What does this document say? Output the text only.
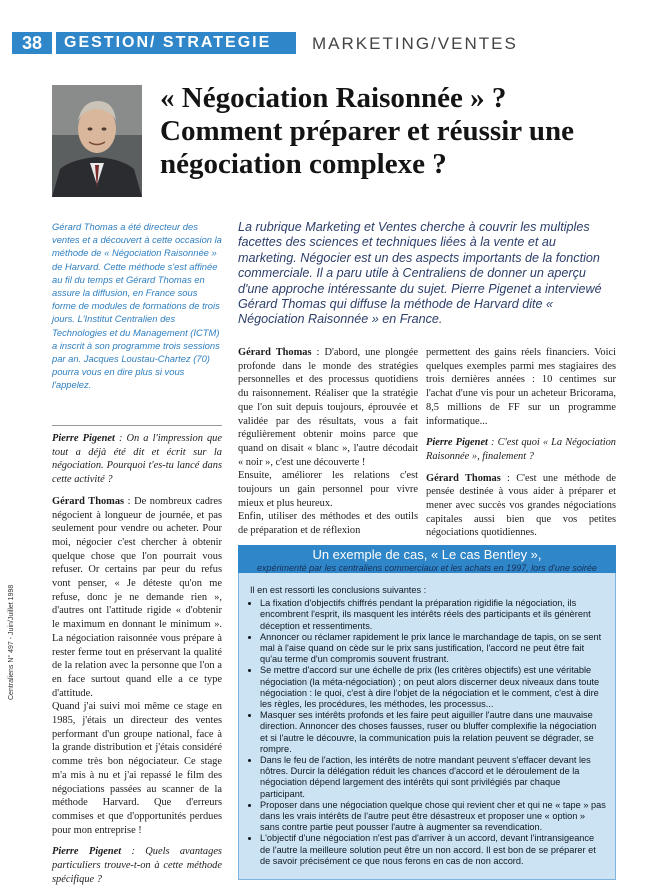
38	GESTION/ STRATEGIE	MARKETING/VENTES
« Négociation Raisonnée » ? Comment préparer et réussir une négociation complexe ?
Gérard Thomas a été directeur des ventes et a découvert à cette occasion la méthode de « Négociation Raisonnée » de Harvard. Cette méthode s'est affinée au fil du temps et Gérard Thomas en assure la diffusion, en France sous forme de modules de formations de trois jours. L'Institut Centralien des Technologies et du Management (ICTM) a inscrit à son programme trois sessions par an. Jacques Loustau-Chartez (70) pourra vous en dire plus si vous l'appelez.

Pierre Pigenet : On a l'impression que tout a déjà été dit et écrit sur la négociation. Pourquoi t'es-tu lancé dans cette activité ?

Gérard Thomas : De nombreux cadres négocient à longueur de journée, et pas seulement pour vendre ou acheter. Pour moi, négocier c'est chercher à obtenir quelque chose que l'on pourrait vous refuser. Or certains par peur du refus vont penser, « Je déteste qu'on me refuse, donc je ne demande rien », d'autres ont l'attitude rigide « d'obtenir le maximum en donnant le minimum ». La négociation raisonnée vous prépare à rester ferme tout en préservant la qualité de la relation avec la personne que l'on a en face surtout quand elle a ce type d'attitude.

Quand j'ai suivi moi même ce stage en 1985, j'étais un directeur des ventes performant d'un groupe national, face à la grande distribution et j'étais considéré comme très bon négociateur. Ce stage m'a mis à nu et j'ai repassé le film des négociations passées au scanner de la méthode Harvard. Que d'erreurs commises et que d'opportunités perdues pour mon entreprise !

Pierre Pigenet : Quels avantages particuliers trouve-t-on à cette méthode spécifique ?

La rubrique Marketing et Ventes cherche à couvrir les multiples facettes des sciences et techniques liées à la vente et au marketing. Négocier est un des aspects importants de la fonction commerciale. Il a paru utile à Centraliens de donner un aperçu d'une approche intéressante du sujet. Pierre Pigenet a interviewé Gérard Thomas qui diffuse la méthode de Harvard dite « Négociation Raisonnée » en France.

Gérard Thomas : D'abord, une plongée profonde dans le monde des stratégies personnelles et des processus quotidiens du raisonnement. Réaliser que la stratégie que l'on suit depuis toujours, éprouvée et validée par des résultats, vous a fait régulièrement obtenir moins parce que quand on disait « blanc », l'autre décodait « noir », c'est une découverte !

Ensuite, améliorer les relations c'est toujours un gain personnel pour vivre mieux et plus heureux.

Enfin, utiliser des méthodes et des outils de préparation et de réflexion

permettent des gains réels financiers. Voici quelques exemples parmi mes stagiaires des trois dernières années : 10 centimes sur l'achat d'une vis pour un acheteur Bricorama, 8,5 millions de FF sur un programme informatique...

Pierre Pigenet : C'est quoi « La Négociation Raisonnée », finalement ?

Gérard Thomas : C'est une méthode de pensée destinée à vous aider à préparer et mener avec succès vos grandes négociations capitales aussi bien que vos petites négociations quotidiennes.

Un exemple de cas, « Le cas Bentley »,
expérimenté par les centraliens commerciaux et les achats en 1997, lors d'une soirée
Il en est ressorti les conclusions suivantes :
• La fixation d'objectifs chiffrés pendant la préparation rigidifie la négociation, ils encombrent l'esprit, ils masquent les intérêts réels des participants et ils génèrent déception et ressentiments.
• Annoncer ou réclamer rapidement le prix lance le marchandage de tapis, on se sent mal à l'aise quand on cède sur le prix sans justification, l'accord ne peut être fait qu'au terme d'un compromis souvent frustrant.
• Se mettre d'accord sur une échelle de prix (les critères objectifs) est une véritable négociation (la méta-négociation) ; on peut alors discerner deux niveaux dans toute négociation : le quoi, c'est à dire l'objet de la négociation et le comment, c'est à dire les règles, les procédures, les méthodes, les processus...
• Masquer ses intérêts profonds et les faire peut aiguiller l'autre dans une mauvaise direction. Annoncer des choses fausses, ruser ou bluffer complexifie la négociation et si l'autre le découvre, la communication puis la relation peuvent se dégrader, se rompre.
• Dans le feu de l'action, les intérêts de notre mandant peuvent s'effacer devant les nôtres. Durcir la délégation réduit les chances d'accord et le déroulement de la négociation dépend largement des intérêts qui sont privilégiés par chaque participant.
• Proposer dans une négociation quelque chose qui revient cher et qui ne « tape » pas dans les vrais intérêts de l'autre peut être désastreux et proposer une « option » sans contre partie peut pousser l'autre à augmenter sa revendication.
• L'objectif d'une négociation n'est pas d'arriver à un accord, devant l'intransigeance de l'autre la meilleure solution peut être un non accord. Il est bon de se préparer et de savoir précisément ce que nous ferons en cas de non accord.
Centraliens N° 497 - Juin/Juillet 1998
